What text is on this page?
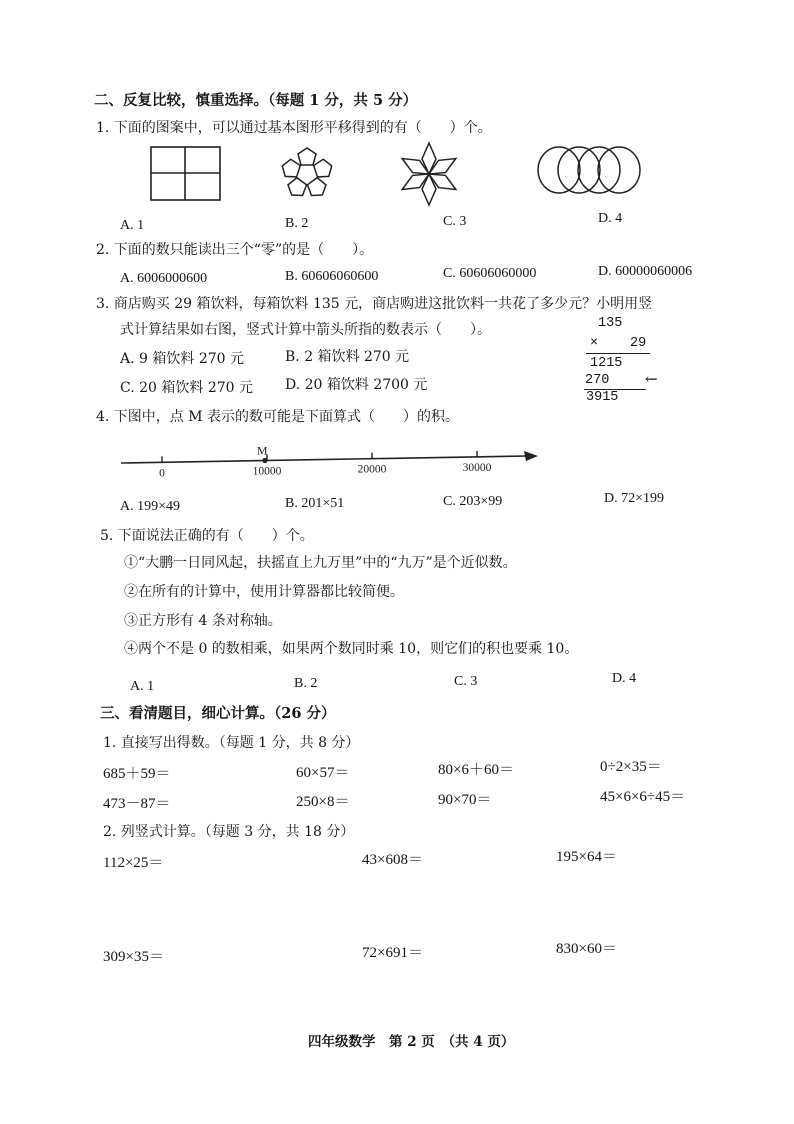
二、反复比较，慎重选择。（每题 1 分，共 5 分）
1. 下面的图案中，可以通过基本图形平移得到的有（　　）个。
A. 1	B. 2	C. 3	D. 4
2. 下面的数只能读出三个“零”的是（　　）。
A. 6006000600	B. 60606060600	C. 60606060000	D. 60000060006
3. 商店购买 29 箱饮料，每箱饮料 135 元，商店购进这批饮料一共花了多少元？小明用竖
式计算结果如右图，竖式计算中箭头所指的数表示（　　）。
A. 9 箱饮料 270 元	B. 2 箱饮料 270 元
C. 20 箱饮料 270 元 D. 20 箱饮料 2700 元
135
× 29
1215
270 ←
3915
4. 下图中，点 M 表示的数可能是下面算式（　　）的积。
0	10000	20000	30000
M
A. 199×49	B. 201×51	C. 203×99	D. 72×199
5. 下面说法正确的有（　　）个。
①“大鹏一日同风起，扶摇直上九万里”中的“九万”是个近似数。
②在所有的计算中，使用计算器都比较简便。
③正方形有 4 条对称轴。
④两个不是 0 的数相乘，如果两个数同时乘 10，则它们的积也要乘 10。
A. 1	B. 2	C. 3	D. 4
三、看清题目，细心计算。（26 分）
1. 直接写出得数。（每题 1 分，共 8 分）
685＋59＝	60×57＝	80×6＋60＝	0÷2×35＝
473－87＝	250×8＝	90×70＝	45×6×6÷45＝
2. 列竖式计算。（每题 3 分，共 18 分）
112×25＝	43×608＝	195×64＝
309×35＝	72×691＝	830×60＝
四年级数学　第 2 页　（共 4 页）
